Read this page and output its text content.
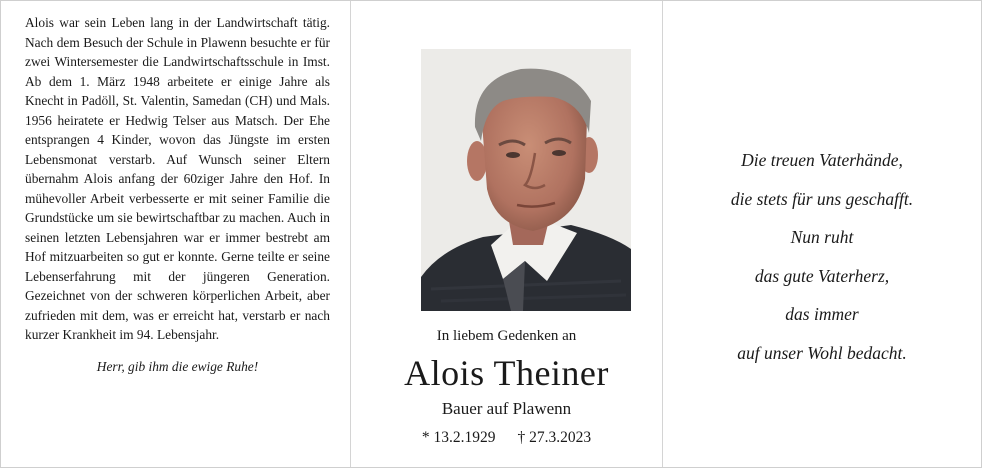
Alois war sein Leben lang in der Landwirtschaft tätig. Nach dem Besuch der Schule in Plawenn besuchte er für zwei Wintersemester die Landwirtschaftsschule in Imst. Ab dem 1. März 1948 arbeitete er einige Jahre als Knecht in Padöll, St. Valentin, Samedan (CH) und Mals. 1956 heiratete er Hedwig Telser aus Matsch. Der Ehe entsprangen 4 Kinder, wovon das Jüngste im ersten Lebensmonat verstarb. Auf Wunsch seiner Eltern übernahm Alois anfang der 60ziger Jahre den Hof. In mühevoller Arbeit verbesserte er mit seiner Familie die Grundstücke um sie bewirtschaftbar zu machen. Auch in seinen letzten Lebensjahren war er immer bestrebt am Hof mitzuarbeiten so gut er konnte. Gerne teilte er seine Lebenserfahrung mit der jüngeren Generation. Gezeichnet von der schweren körperlichen Arbeit, aber zufrieden mit dem, was er erreicht hat, verstarb er nach kurzer Krankheit im 94. Lebensjahr.

Herr, gib ihm die ewige Ruhe!
In liebem Gedenken an
Alois Theiner
Bauer auf Plawenn
* 13.2.1929 † 27.3.2023
Die treuen Vaterhände,
die stets für uns geschafft.
Nun ruht
das gute Vaterherz,
das immer
auf unser Wohl bedacht.
